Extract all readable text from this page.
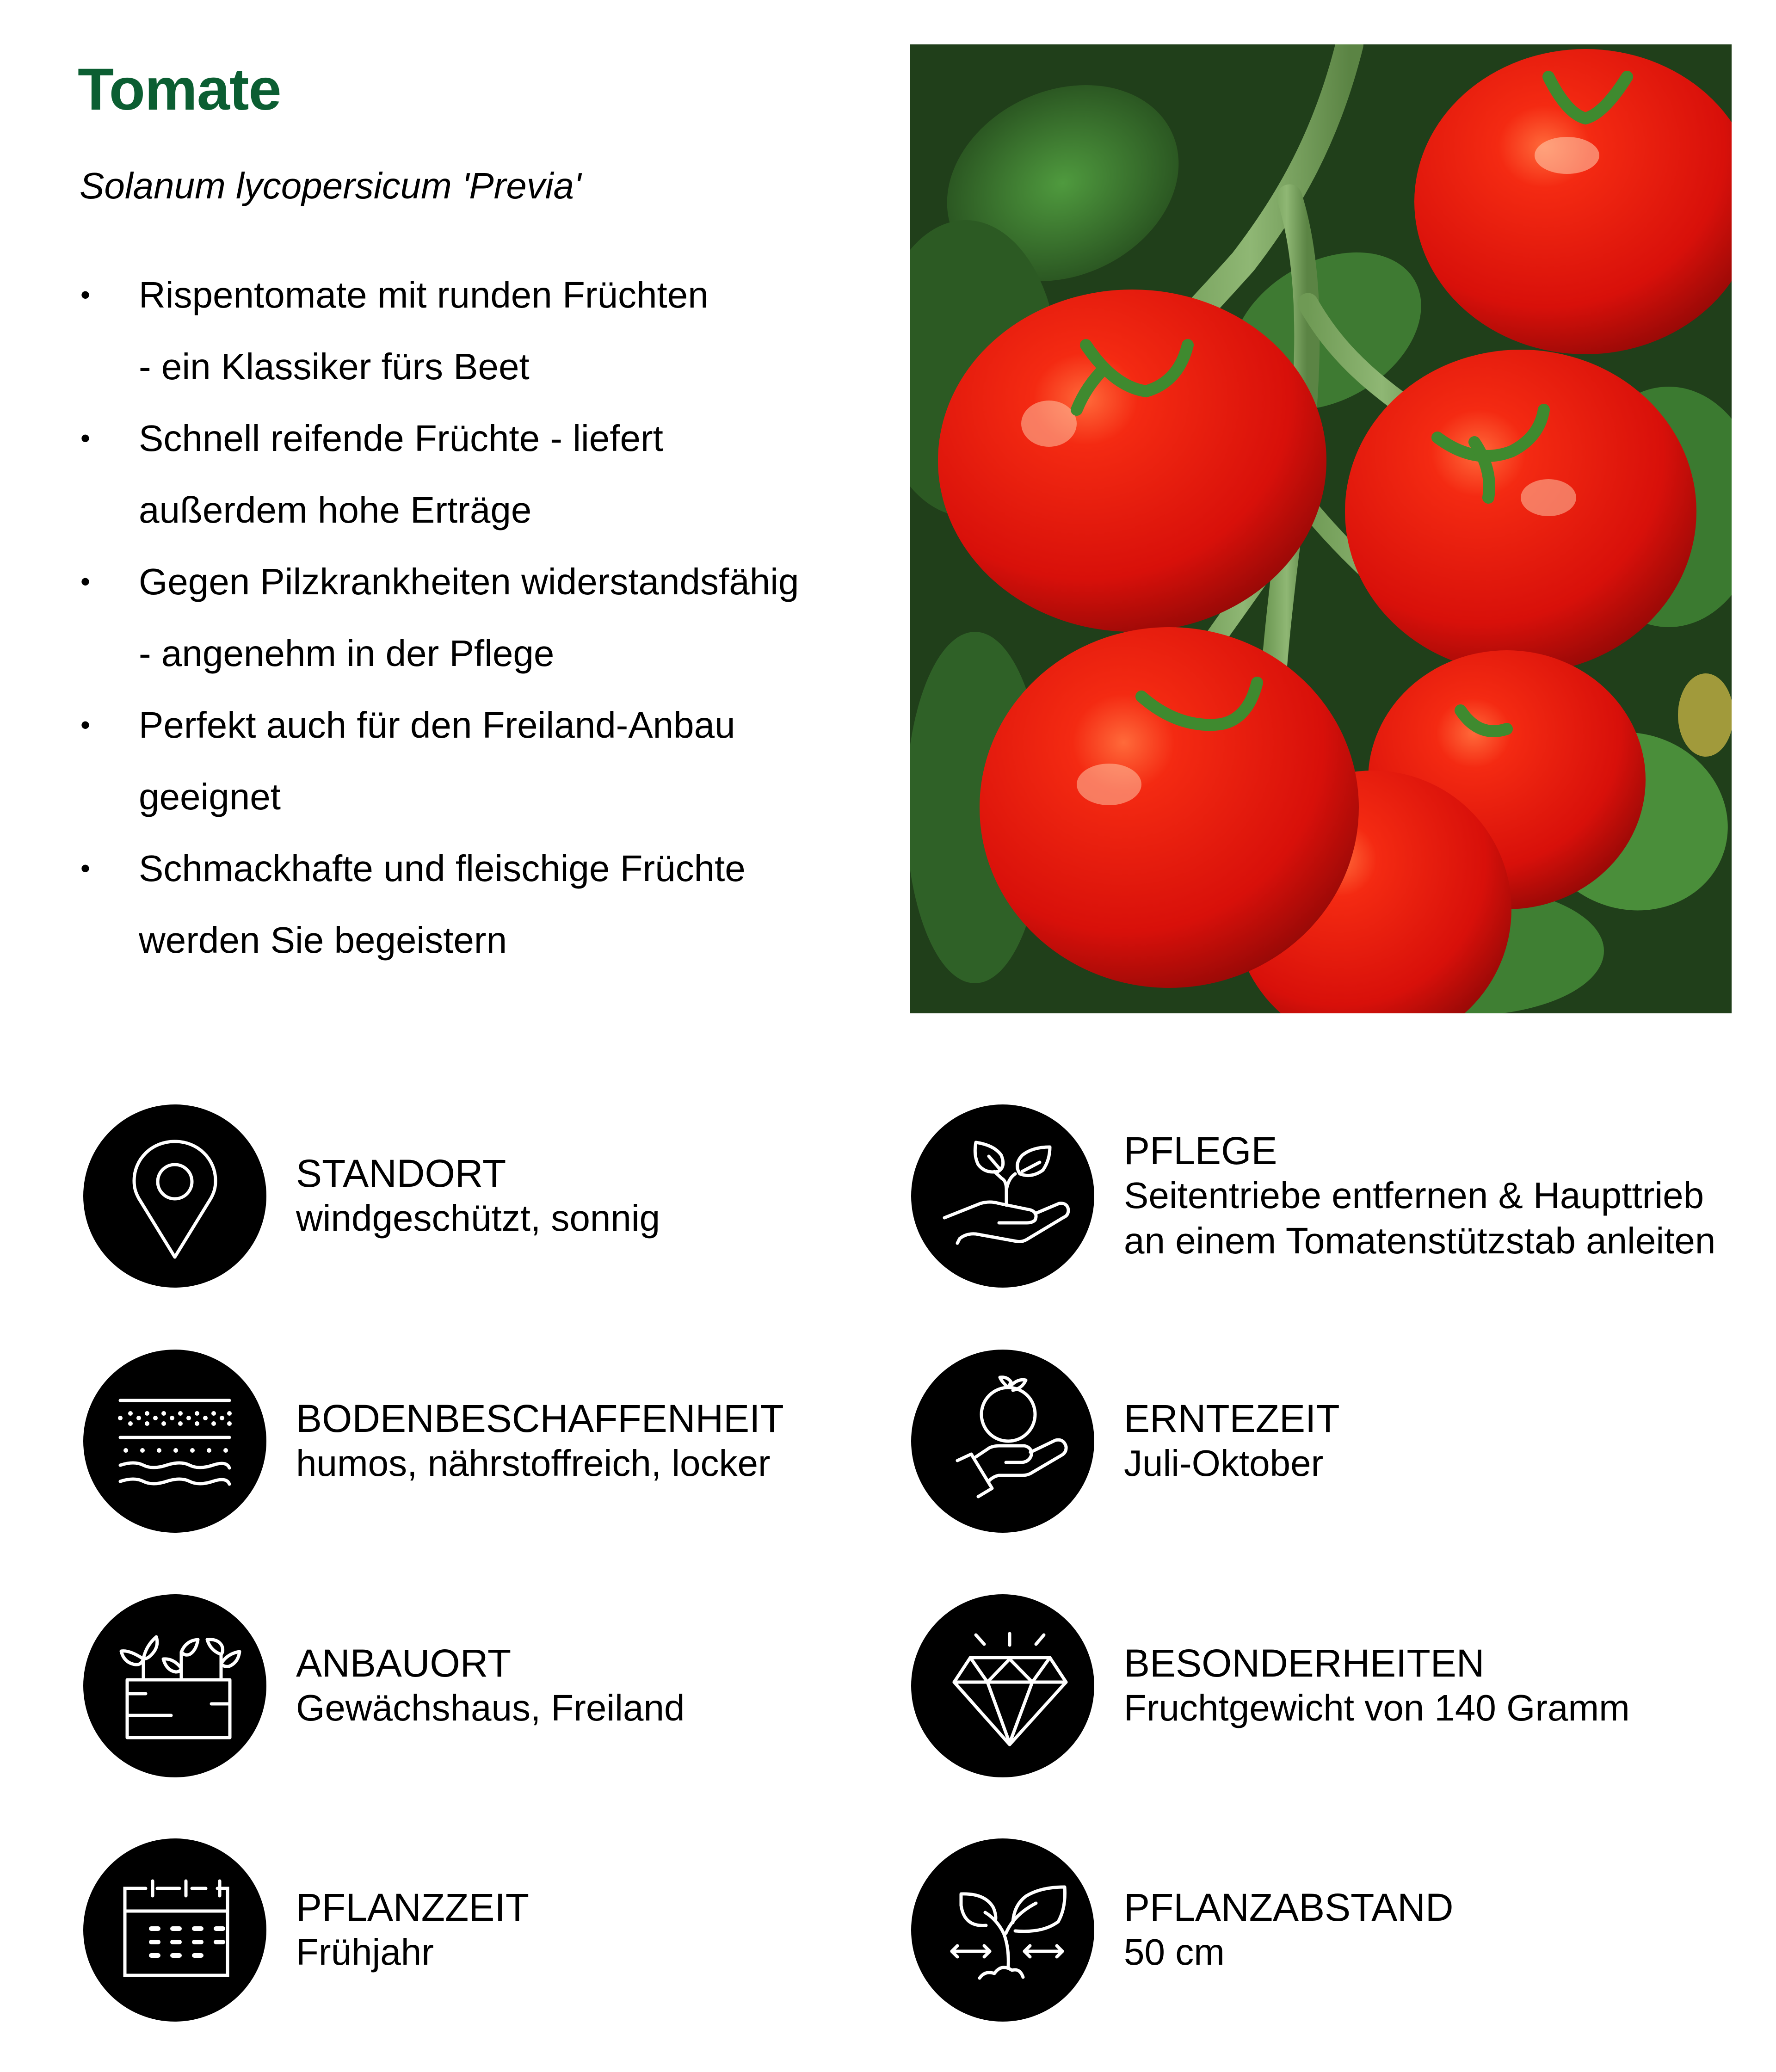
Tomate
Solanum lycopersicum 'Previa'
• Rispentomate mit runden Früchten
- ein Klassiker fürs Beet
• Schnell reifende Früchte - liefert
außerdem hohe Erträge
• Gegen Pilzkrankheiten widerstandsfähig
- angenehm in der Pflege
• Perfekt auch für den Freiland-Anbau
geeignet
• Schmackhafte und fleischige Früchte
werden Sie begeistern
STANDORT
windgeschützt, sonnig
PFLEGE
Seitentriebe entfernen & Haupttrieb
an einem Tomatenstützstab anleiten
BODENBESCHAFFENHEIT
humos, nährstoffreich, locker
ERNTEZEIT
Juli-Oktober
ANBAUORT
Gewächshaus, Freiland
BESONDERHEITEN
Fruchtgewicht von 140 Gramm
PFLANZZEIT
Frühjahr
PFLANZABSTAND
50 cm
